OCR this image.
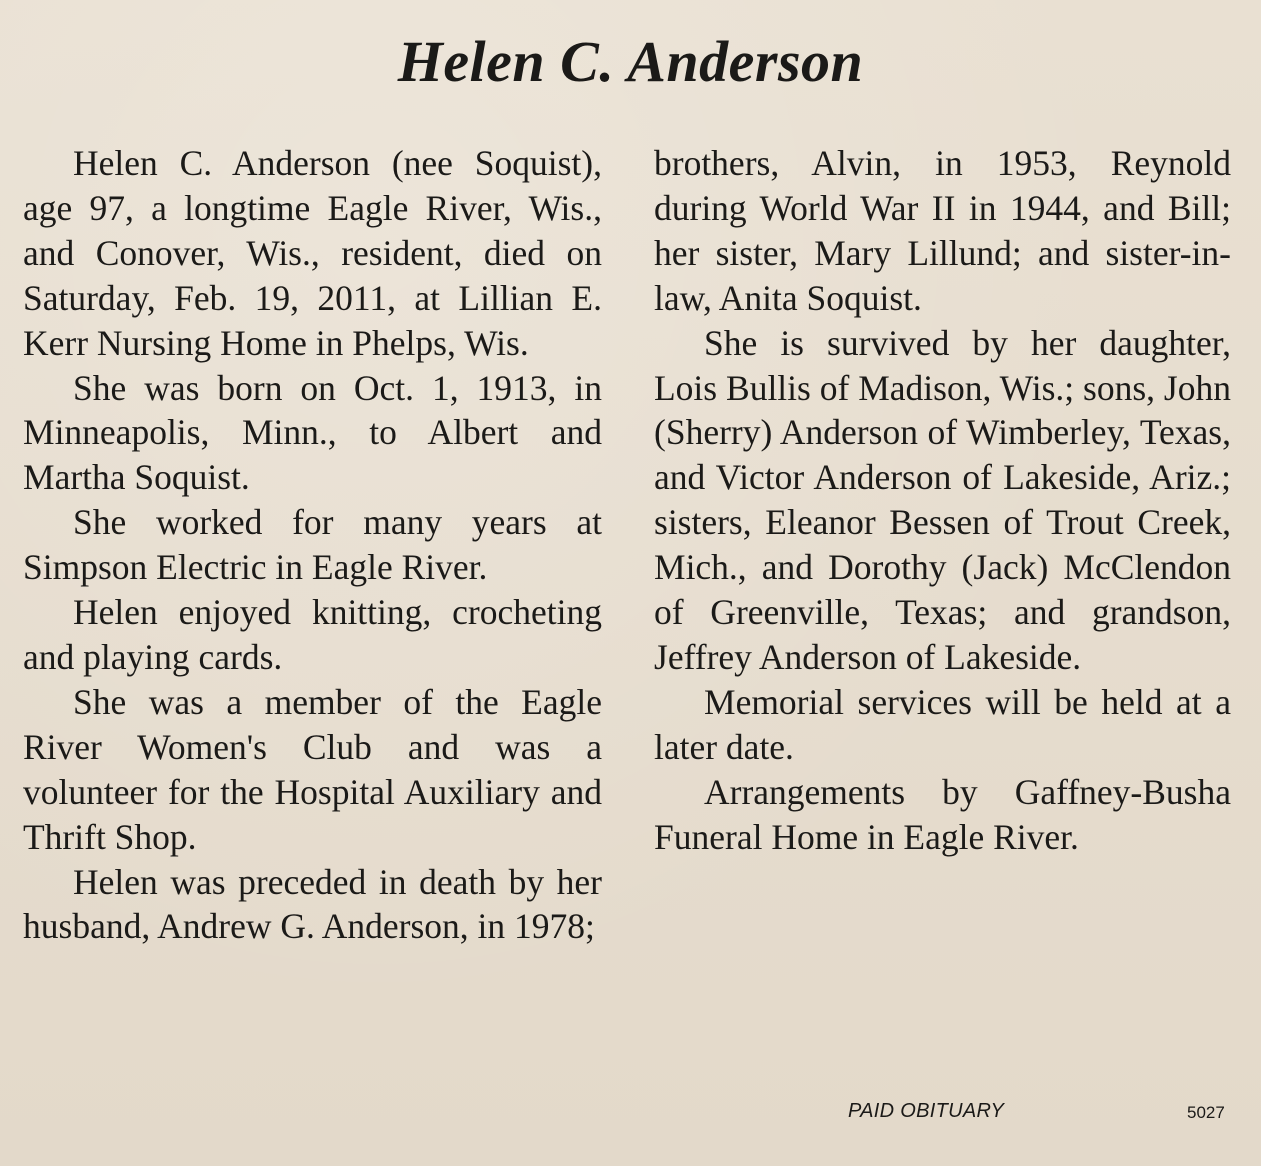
Helen C. Anderson

Helen C. Anderson (nee Soquist), age 97, a longtime Eagle River, Wis., and Conover, Wis., resident, died on Saturday, Feb. 19, 2011, at Lillian E. Kerr Nursing Home in Phelps, Wis.

She was born on Oct. 1, 1913, in Minneapolis, Minn., to Albert and Martha Soquist.

She worked for many years at Simpson Electric in Eagle River.

Helen enjoyed knitting, crocheting and playing cards.

She was a member of the Eagle River Women's Club and was a volunteer for the Hospital Auxiliary and Thrift Shop.

Helen was preceded in death by her husband, Andrew G. Anderson, in 1978;

brothers, Alvin, in 1953, Reynold during World War II in 1944, and Bill; her sister, Mary Lillund; and sister-in-law, Anita Soquist.

She is survived by her daughter, Lois Bullis of Madison, Wis.; sons, John (Sherry) Anderson of Wimberley, Texas, and Victor Anderson of Lakeside, Ariz.; sisters, Eleanor Bessen of Trout Creek, Mich., and Dorothy (Jack) McClendon of Greenville, Texas; and grandson, Jeffrey Anderson of Lakeside.

Memorial services will be held at a later date.

Arrangements by Gaffney-Busha Funeral Home in Eagle River.

PAID OBITUARY	5027
